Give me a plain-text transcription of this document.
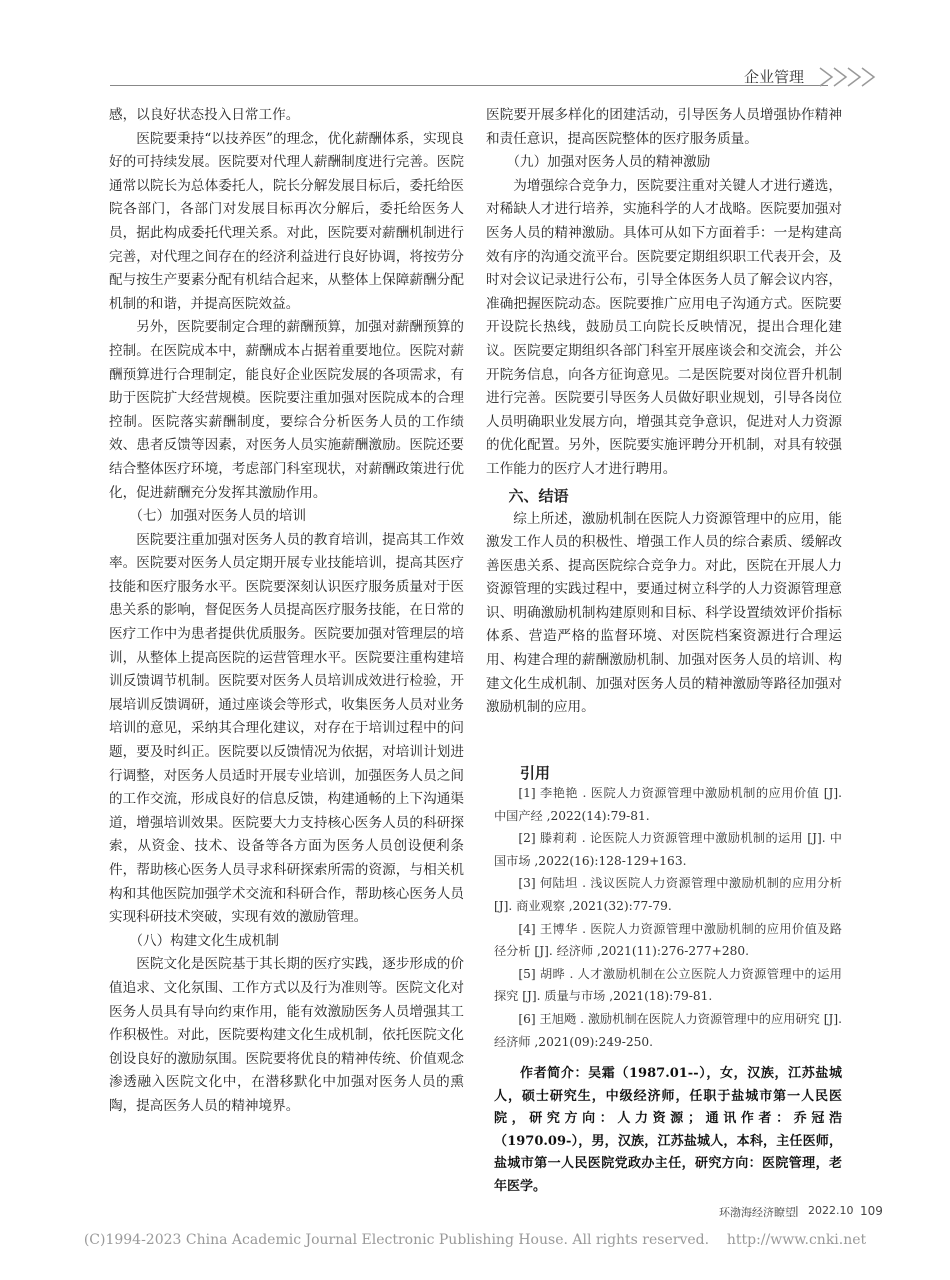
企业管理

感，以良好状态投入日常工作。

医院要秉持“以技养医”的理念，优化薪酬体系，实现良好的可持续发展。医院要对代理人薪酬制度进行完善。医院通常以院长为总体委托人，院长分解发展目标后，委托给医院各部门，各部门对发展目标再次分解后，委托给医务人员，据此构成委托代理关系。对此，医院要对薪酬机制进行完善，对代理之间存在的经济利益进行良好协调，将按劳分配与按生产要素分配有机结合起来，从整体上保障薪酬分配机制的和谐，并提高医院效益。

另外，医院要制定合理的薪酬预算，加强对薪酬预算的控制。在医院成本中，薪酬成本占据着重要地位。医院对薪酬预算进行合理制定，能良好企业医院发展的各项需求，有助于医院扩大经营规模。医院要注重加强对医院成本的合理控制。医院落实薪酬制度，要综合分析医务人员的工作绩效、患者反馈等因素，对医务人员实施薪酬激励。医院还要结合整体医疗环境，考虑部门科室现状，对薪酬政策进行优化，促进薪酬充分发挥其激励作用。

（七）加强对医务人员的培训

医院要注重加强对医务人员的教育培训，提高其工作效率。医院要对医务人员定期开展专业技能培训，提高其医疗技能和医疗服务水平。医院要深刻认识医疗服务质量对于医患关系的影响，督促医务人员提高医疗服务技能，在日常的医疗工作中为患者提供优质服务。医院要加强对管理层的培训，从整体上提高医院的运营管理水平。医院要注重构建培训反馈调节机制。医院要对医务人员培训成效进行检验，开展培训反馈调研，通过座谈会等形式，收集医务人员对业务培训的意见，采纳其合理化建议，对存在于培训过程中的问题，要及时纠正。医院要以反馈情况为依据，对培训计划进行调整，对医务人员适时开展专业培训，加强医务人员之间的工作交流，形成良好的信息反馈，构建通畅的上下沟通渠道，增强培训效果。医院要大力支持核心医务人员的科研探索，从资金、技术、设备等各方面为医务人员创设便利条件，帮助核心医务人员寻求科研探索所需的资源，与相关机构和其他医院加强学术交流和科研合作，帮助核心医务人员实现科研技术突破，实现有效的激励管理。

（八）构建文化生成机制

医院文化是医院基于其长期的医疗实践，逐步形成的价值追求、文化氛围、工作方式以及行为准则等。医院文化对医务人员具有导向约束作用，能有效激励医务人员增强其工作积极性。对此，医院要构建文化生成机制，依托医院文化创设良好的激励氛围。医院要将优良的精神传统、价值观念渗透融入医院文化中，在潜移默化中加强对医务人员的熏陶，提高医务人员的精神境界。

医院要开展多样化的团建活动，引导医务人员增强协作精神和责任意识，提高医院整体的医疗服务质量。

（九）加强对医务人员的精神激励

为增强综合竞争力，医院要注重对关键人才进行遴选，对稀缺人才进行培养，实施科学的人才战略。医院要加强对医务人员的精神激励。具体可从如下方面着手：一是构建高效有序的沟通交流平台。医院要定期组织职工代表开会，及时对会议记录进行公布，引导全体医务人员了解会议内容，准确把握医院动态。医院要推广应用电子沟通方式。医院要开设院长热线，鼓励员工向院长反映情况，提出合理化建议。医院要定期组织各部门科室开展座谈会和交流会，并公开院务信息，向各方征询意见。二是医院要对岗位晋升机制进行完善。医院要引导医务人员做好职业规划，引导各岗位人员明确职业发展方向，增强其竞争意识，促进对人力资源的优化配置。另外，医院要实施评聘分开机制，对具有较强工作能力的医疗人才进行聘用。

六、结语

综上所述，激励机制在医院人力资源管理中的应用，能激发工作人员的积极性、增强工作人员的综合素质、缓解改善医患关系、提高医院综合竞争力。对此，医院在开展人力资源管理的实践过程中，要通过树立科学的人力资源管理意识、明确激励机制构建原则和目标、科学设置绩效评价指标体系、营造严格的监督环境、对医院档案资源进行合理运用、构建合理的薪酬激励机制、加强对医务人员的培训、构建文化生成机制、加强对医务人员的精神激励等路径加强对激励机制的应用。

引用

[1] 李艳艳 . 医院人力资源管理中激励机制的应用价值 [J]. 中国产经 ,2022(14):79-81.

[2] 滕莉莉 . 论医院人力资源管理中激励机制的运用 [J]. 中国市场 ,2022(16):128-129+163.

[3] 何陆坦 . 浅议医院人力资源管理中激励机制的应用分析 [J]. 商业观察 ,2021(32):77-79.

[4] 王博华 . 医院人力资源管理中激励机制的应用价值及路径分析 [J]. 经济师 ,2021(11):276-277+280.

[5] 胡晔 . 人才激励机制在公立医院人力资源管理中的运用探究 [J]. 质量与市场 ,2021(18):79-81.

[6] 王旭飏 . 激励机制在医院人力资源管理中的应用研究 [J]. 经济师 ,2021(09):249-250.

作者简介：吴霜（1987.01--），女，汉族，江苏盐城人，硕士研究生，中级经济师，任职于盐城市第一人民医院，研究方向：人力资源；通讯作者：乔冠浩（1970.09-），男，汉族，江苏盐城人，本科，主任医师，盐城市第一人民医院党政办主任，研究方向：医院管理，老年医学。

环渤海经济瞭望 | 2022.10 109
(C)1994-2023 China Academic Journal Electronic Publishing House. All rights reserved.    http://www.cnki.net
